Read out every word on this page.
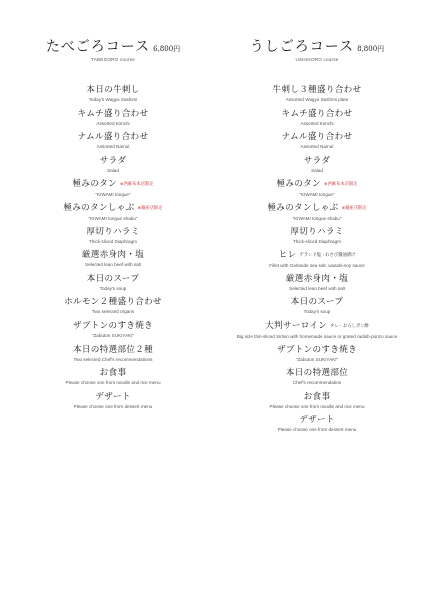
たべごろコース 6,800円
TABEGORO course
本日の牛刺し
Today's Wagyu Sashimi
キムチ盛り合わせ
Assorted Kimchi
ナムル盛り合わせ
Assorted Namul
サラダ
Salad
極みのタン ※西麻布本店限定
"KIWAMI tongue"
極みのタンしゃぶ ※銀座店限定
"KIWAMI tongue shabu"
厚切りハラミ
Thick-sliced Diaphragm
厳選赤身肉・塩
Selected lean beef with salt
本日のスープ
Today's soup
ホルモン２種盛り合わせ
Two selected organs
ザブトンのすき焼き
"Zabuton SUKIYAKI"
本日の特選部位２種
Two selected Chef's recommendations
お食事
Please choose one from noodle and rice menu
デザート
Please choose one from dessert menu
うしごろコース 8,800円
USHIGORO course
牛刺し３種盛り合わせ
Assorted Wagyu Sashimi plate
キムチ盛り合わせ
Assorted Kimchi
ナムル盛り合わせ
Assorted Namul
サラダ
Salad
極みのタン ※西麻布本店限定
"KIWAMI tongue"
極みのタンしゃぶ ※銀座店限定
"KIWAMI tongue shabu"
厚切りハラミ
Thick-sliced Diaphragm
ヒレ ゲランド塩・わさび醤油漬け
Fillet with Garlande sea salt, wasabi-soy sauce
厳選赤身肉・塩
Selected lean beef with salt
本日のスープ
Today's soup
大判サーロイン タレ・おろしポン酢
Big size thin-sliced Sirloin with homemade sauce or grated radish-ponzu sauce
ザブトンのすき焼き
"Zabuton SUKIYAKI"
本日の特選部位
Chef's recommendation
お食事
Please choose one from noodle and rice menu
デザート
Please choose one from dessert menu
